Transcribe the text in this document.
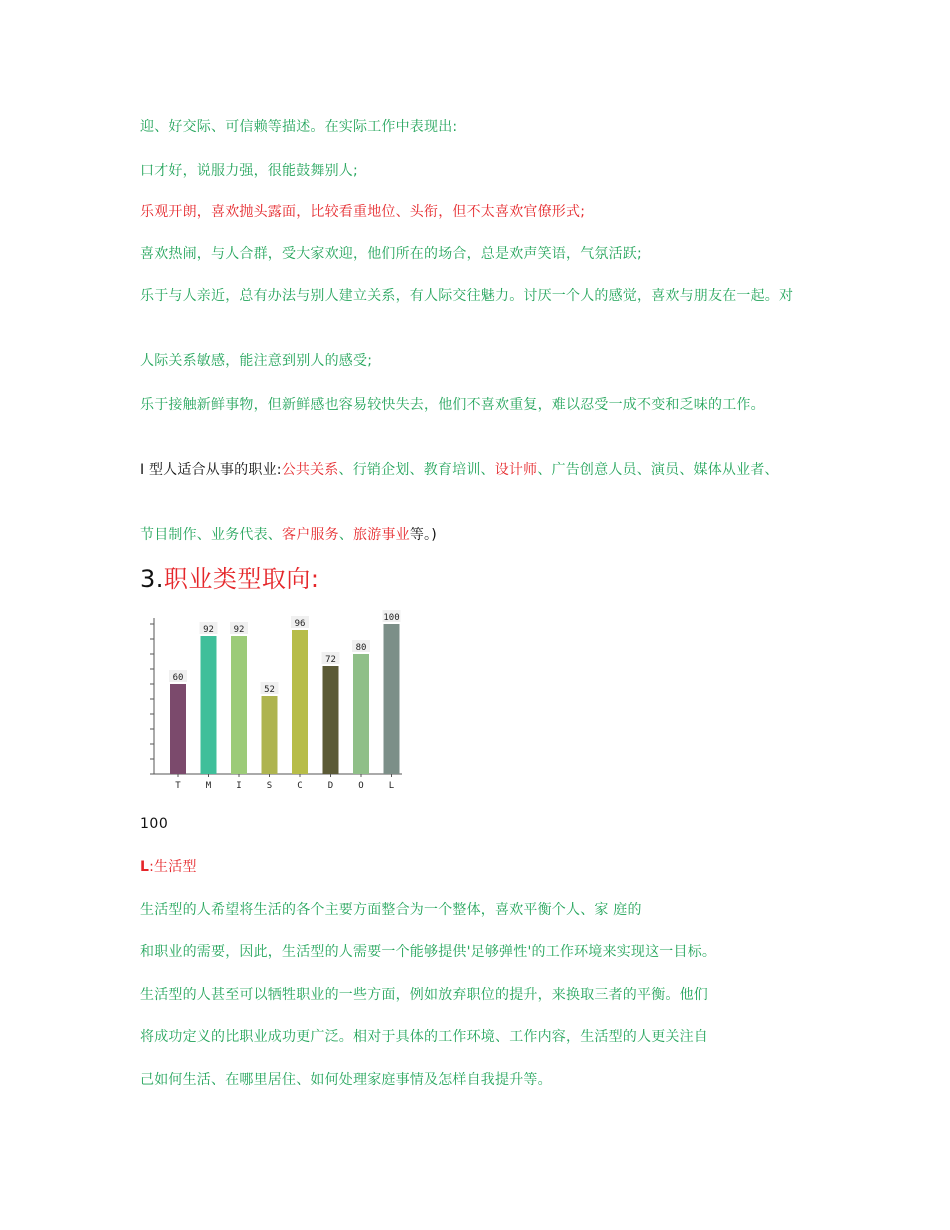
迎、好交际、可信赖等描述。在实际工作中表现出:
口才好，说服力强，很能鼓舞别人;
乐观开朗，喜欢抛头露面，比较看重地位、头衔，但不太喜欢官僚形式;
喜欢热闹，与人合群，受大家欢迎，他们所在的场合，总是欢声笑语，气氛活跃;
乐于与人亲近，总有办法与别人建立关系，有人际交往魅力。讨厌一个人的感觉，喜欢与朋友在一起。对
人际关系敏感，能注意到别人的感受;
乐于接触新鲜事物，但新鲜感也容易较快失去，他们不喜欢重复，难以忍受一成不变和乏味的工作。
I 型人适合从事的职业:公共关系、行销企划、教育培训、设计师、广告创意人员、演员、媒体从业者、
节目制作、业务代表、客户服务、旅游事业等。)
3.职业类型取向:
60
T
92
M
92
I
52
S
96
C
72
D
80
O
100
L
100
L:生活型
生活型的人希望将生活的各个主要方面整合为一个整体，喜欢平衡个人、家 庭的
和职业的需要，因此，生活型的人需要一个能够提供'足够弹性'的工作环境来实现这一目标。
生活型的人甚至可以牺牲职业的一些方面，例如放弃职位的提升，来换取三者的平衡。他们
将成功定义的比职业成功更广泛。相对于具体的工作环境、工作内容，生活型的人更关注自
己如何生活、在哪里居住、如何处理家庭事情及怎样自我提升等。
